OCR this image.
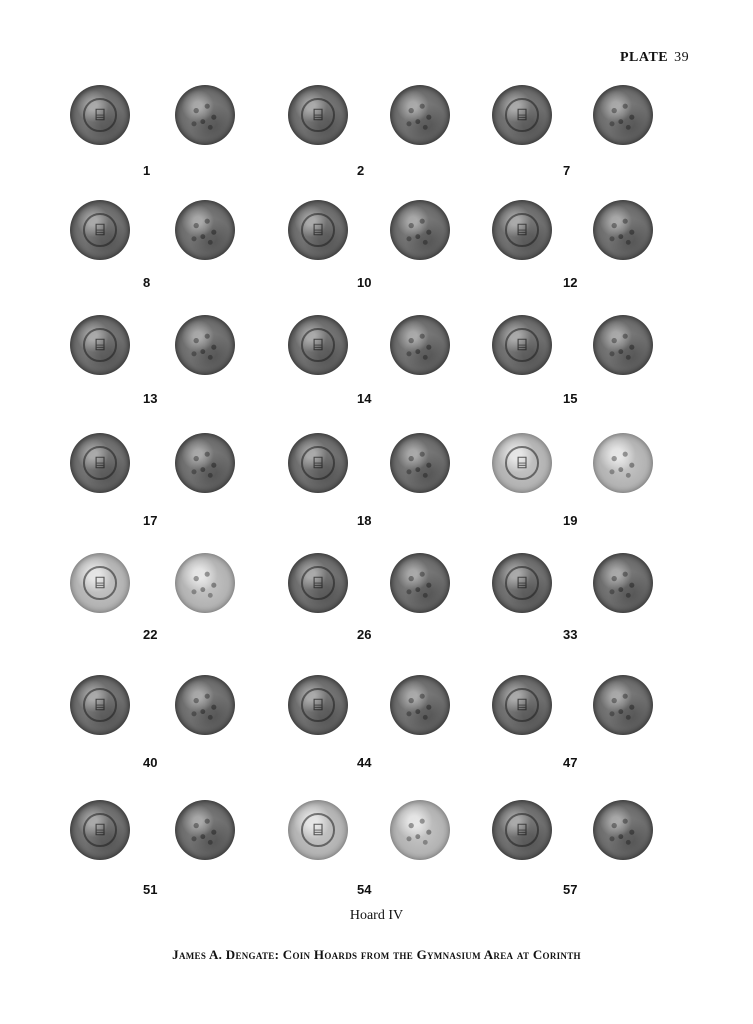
PLATE 39
⌸
1
⌸
2
⌸
7
⌸
8
⌸
10
⌸
12
⌸
13
⌸
14
⌸
15
⌸
17
⌸
18
⌸
19
⌸
22
⌸
26
⌸
33
⌸
40
⌸
44
⌸
47
⌸
51
⌸
54
⌸
57
Hoard IV
James A. Dengate: Coin Hoards from the Gymnasium Area at Corinth
